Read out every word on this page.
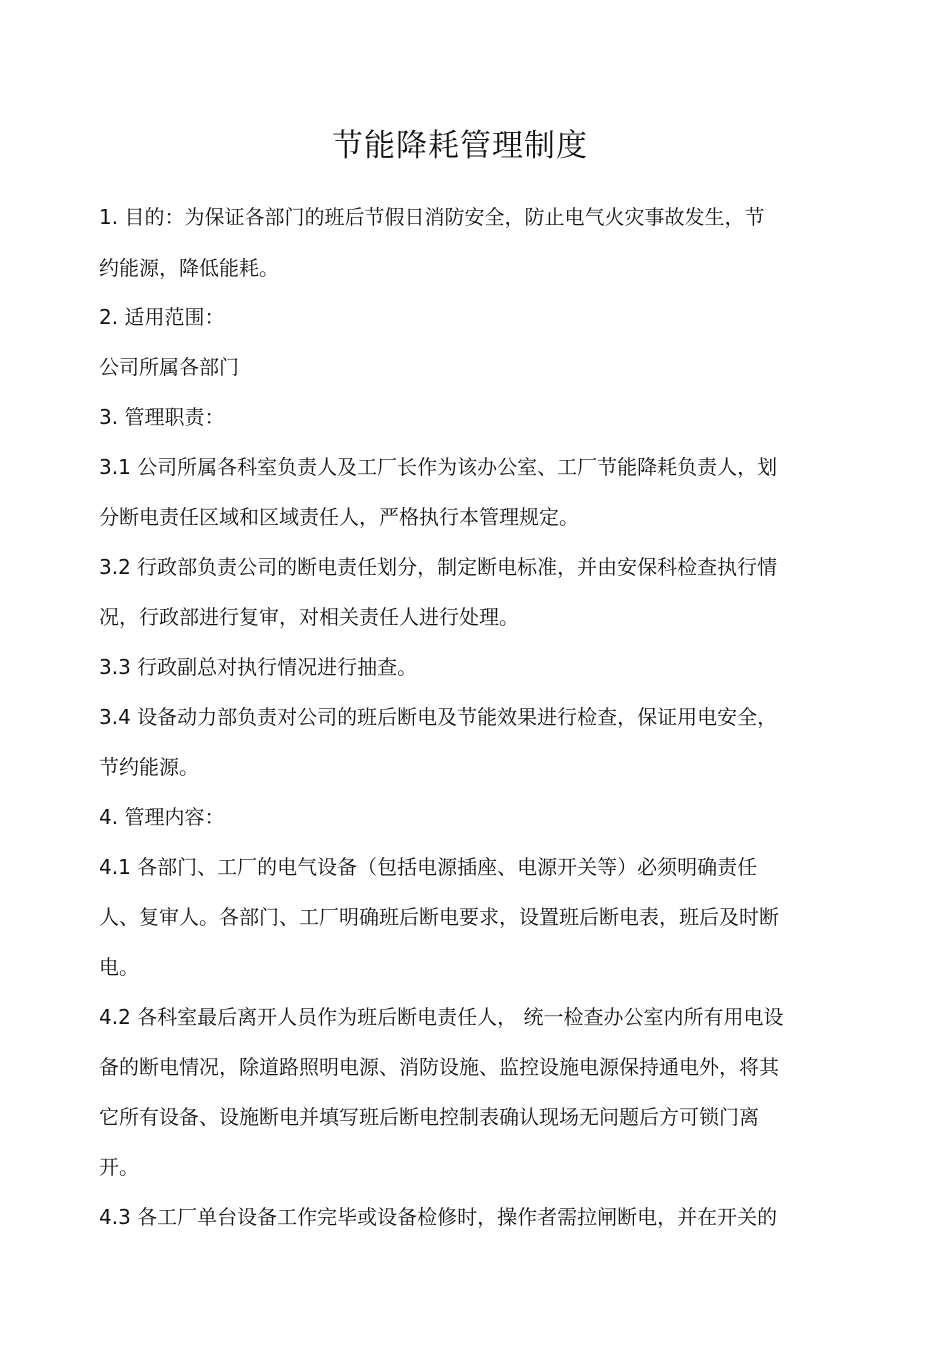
节能降耗管理制度
1. 目的：为保证各部门的班后节假日消防安全，防止电气火灾事故发生，节
约能源，降低能耗。
2. 适用范围：
公司所属各部门
3. 管理职责：
3.1 公司所属各科室负责人及工厂长作为该办公室、工厂节能降耗负责人，划
分断电责任区域和区域责任人，严格执行本管理规定。
3.2 行政部负责公司的断电责任划分，制定断电标准，并由安保科检查执行情
况，行政部进行复审，对相关责任人进行处理。
3.3 行政副总对执行情况进行抽查。
3.4 设备动力部负责对公司的班后断电及节能效果进行检查，保证用电安全，
节约能源。
4. 管理内容：
4.1 各部门、工厂的电气设备（包括电源插座、电源开关等）必须明确责任
人、复审人。各部门、工厂明确班后断电要求，设置班后断电表，班后及时断
电。
4.2 各科室最后离开人员作为班后断电责任人， 统一检查办公室内所有用电设
备的断电情况，除道路照明电源、消防设施、监控设施电源保持通电外，将其
它所有设备、设施断电并填写班后断电控制表确认现场无问题后方可锁门离
开。
4.3 各工厂单台设备工作完毕或设备检修时，操作者需拉闸断电，并在开关的
